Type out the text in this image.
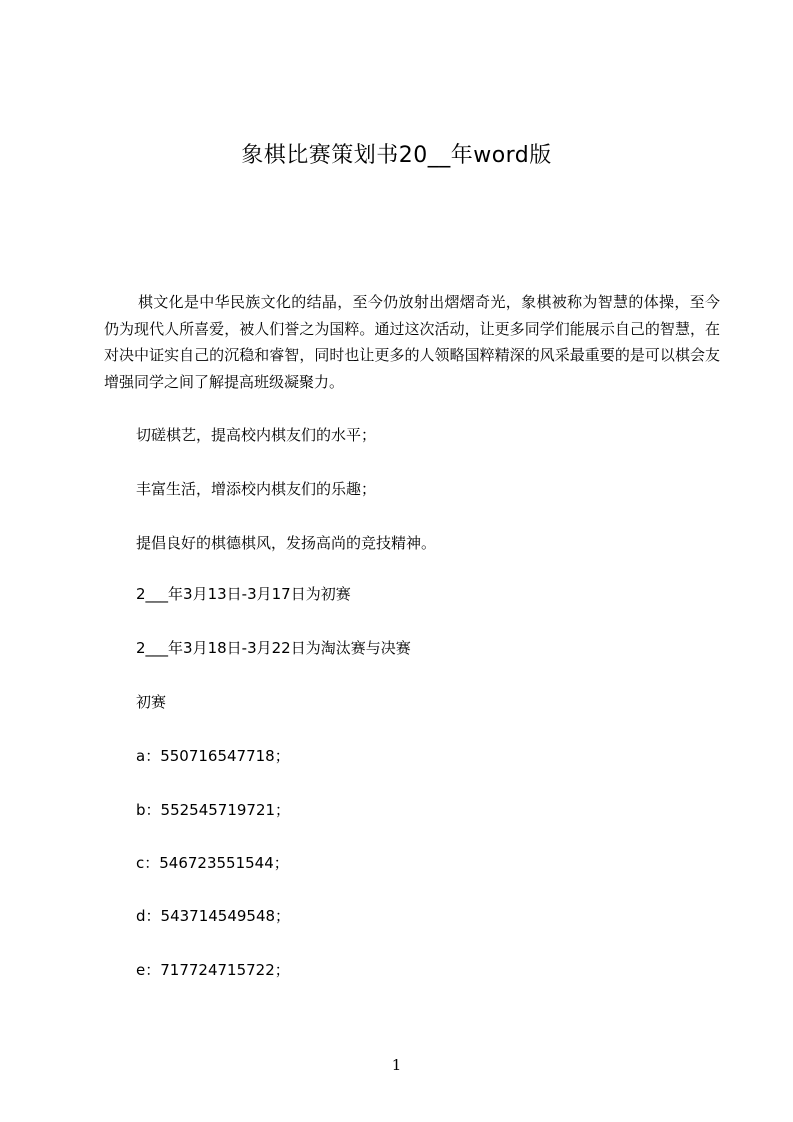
象棋比赛策划书20__年word版

棋文化是中华民族文化的结晶，至今仍放射出熠熠奇光，象棋被称为智慧的体操，至今仍为现代人所喜爱，被人们誉之为国粹。通过这次活动，让更多同学们能展示自己的智慧，在对决中证实自己的沉稳和睿智，同时也让更多的人领略国粹精深的风采最重要的是可以棋会友增强同学之间了解提高班级凝聚力。

切磋棋艺，提高校内棋友们的水平；

丰富生活，增添校内棋友们的乐趣；

提倡良好的棋德棋风，发扬高尚的竞技精神。

2___年3月13日-3月17日为初赛

2___年3月18日-3月22日为淘汰赛与决赛

初赛

a：550716547718；

b：552545719721；

c：546723551544；

d：543714549548；

e：717724715722；

1
